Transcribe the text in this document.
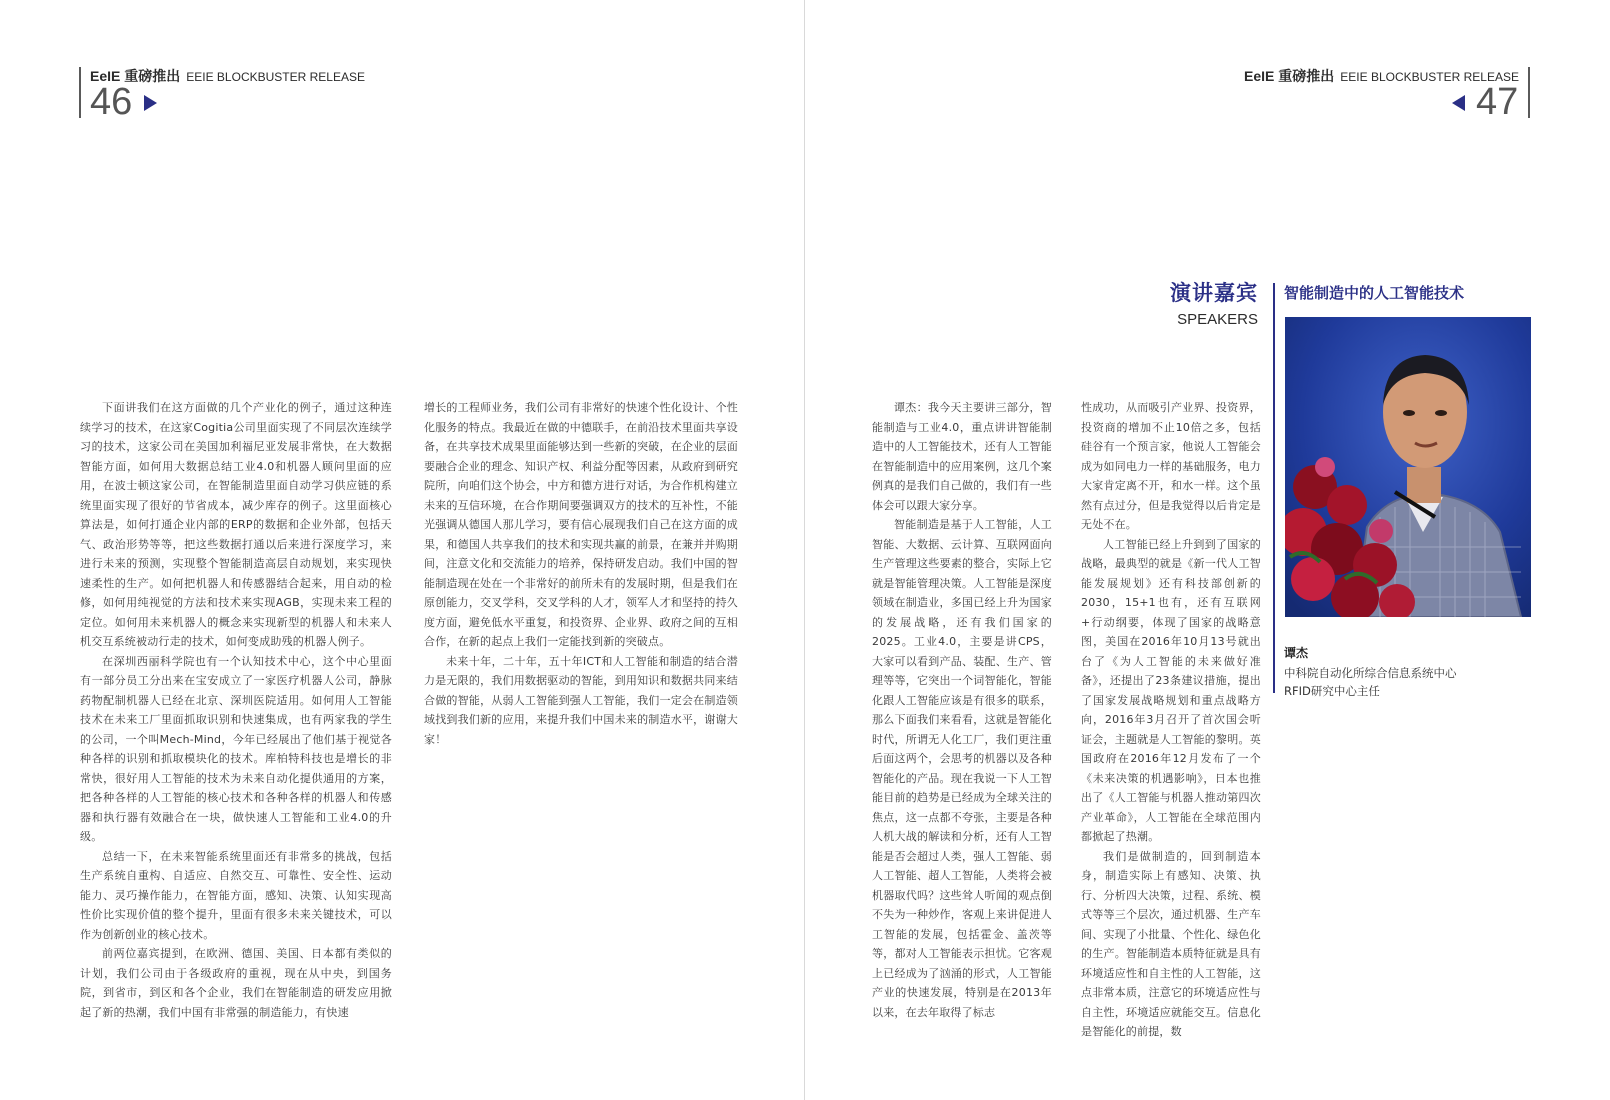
EeIE 重磅推出 EEIE BLOCKBUSTER RELEASE
46
EeIE 重磅推出 EEIE BLOCKBUSTER RELEASE
47

下面讲我们在这方面做的几个产业化的例子，通过这种连续学习的技术，在这家Cogitia公司里面实现了不同层次连续学习的技术，这家公司在美国加利福尼亚发展非常快，在大数据智能方面，如何用大数据总结工业4.0和机器人顾问里面的应用，在波士顿这家公司，在智能制造里面自动学习供应链的系统里面实现了很好的节省成本，减少库存的例子。这里面核心算法是，如何打通企业内部的ERP的数据和企业外部，包括天气、政治形势等等，把这些数据打通以后来进行深度学习，来进行未来的预测，实现整个智能制造高层自动规划，来实现快速柔性的生产。如何把机器人和传感器结合起来，用自动的检修，如何用纯视觉的方法和技术来实现AGB，实现未来工程的定位。如何用未来机器人的概念来实现新型的机器人和未来人机交互系统被动行走的技术，如何变成助残的机器人例子。

在深圳西丽科学院也有一个认知技术中心，这个中心里面有一部分员工分出来在宝安成立了一家医疗机器人公司，静脉药物配制机器人已经在北京、深圳医院适用。如何用人工智能技术在未来工厂里面抓取识别和快速集成，也有两家我的学生的公司，一个叫Mech-Mind，今年已经展出了他们基于视觉各种各样的识别和抓取模块化的技术。库柏特科技也是增长的非常快，很好用人工智能的技术为未来自动化提供通用的方案，把各种各样的人工智能的核心技术和各种各样的机器人和传感器和执行器有效融合在一块，做快速人工智能和工业4.0的升级。

总结一下，在未来智能系统里面还有非常多的挑战，包括生产系统自重构、自适应、自然交互、可靠性、安全性、运动能力、灵巧操作能力，在智能方面，感知、决策、认知实现高性价比实现价值的整个提升，里面有很多未来关键技术，可以作为创新创业的核心技术。

前两位嘉宾提到，在欧洲、德国、美国、日本都有类似的计划，我们公司由于各级政府的重视，现在从中央，到国务院，到省市，到区和各个企业，我们在智能制造的研发应用掀起了新的热潮，我们中国有非常强的制造能力，有快速

增长的工程师业务，我们公司有非常好的快速个性化设计、个性化服务的特点。我最近在做的中德联手，在前沿技术里面共享设备，在共享技术成果里面能够达到一些新的突破，在企业的层面要融合企业的理念、知识产权、利益分配等因素，从政府到研究院所，向咱们这个协会，中方和德方进行对话，为合作机构建立未来的互信环境，在合作期间要强调双方的技术的互补性，不能光强调从德国人那儿学习，要有信心展现我们自己在这方面的成果，和德国人共享我们的技术和实现共赢的前景，在兼并并购期间，注意文化和交流能力的培养，保持研发启动。我们中国的智能制造现在处在一个非常好的前所未有的发展时期，但是我们在原创能力，交叉学科，交叉学科的人才，领军人才和坚持的持久度方面，避免低水平重复，和投资界、企业界、政府之间的互相合作，在新的起点上我们一定能找到新的突破点。

未来十年，二十年，五十年ICT和人工智能和制造的结合潜力是无限的，我们用数据驱动的智能，到用知识和数据共同来结合做的智能，从弱人工智能到强人工智能，我们一定会在制造领域找到我们新的应用，来提升我们中国未来的制造水平，谢谢大家！

演讲嘉宾
SPEAKERS
智能制造中的人工智能技术
谭杰
中科院自动化所综合信息系统中心
RFID研究中心主任

谭杰：我今天主要讲三部分，智能制造与工业4.0，重点讲讲智能制造中的人工智能技术，还有人工智能在智能制造中的应用案例，这几个案例真的是我们自己做的，我们有一些体会可以跟大家分享。

智能制造是基于人工智能，人工智能、大数据、云计算、互联网面向生产管理这些要素的整合，实际上它就是智能管理决策。人工智能是深度领域在制造业，多国已经上升为国家的发展战略，还有我们国家的2025。工业4.0，主要是讲CPS，大家可以看到产品、装配、生产、管理等等，它突出一个词智能化，智能化跟人工智能应该是有很多的联系，那么下面我们来看看，这就是智能化时代，所谓无人化工厂，我们更注重后面这两个，会思考的机器以及各种智能化的产品。现在我说一下人工智能目前的趋势是已经成为全球关注的焦点，这一点都不夸张，主要是各种人机大战的解读和分析，还有人工智能是否会超过人类，强人工智能、弱人工智能、超人工智能，人类将会被机器取代吗？这些耸人听闻的观点倒不失为一种炒作，客观上来讲促进人工智能的发展，包括霍金、盖茨等等，都对人工智能表示担忧。它客观上已经成为了汹涌的形式，人工智能产业的快速发展，特别是在2013年以来，在去年取得了标志

性成功，从而吸引产业界、投资界，投资商的增加不止10倍之多，包括硅谷有一个预言家，他说人工智能会成为如同电力一样的基础服务，电力大家肯定离不开，和水一样。这个虽然有点过分，但是我觉得以后肯定是无处不在。

人工智能已经上升到到了国家的战略，最典型的就是《新一代人工智能发展规划》还有科技部创新的2030，15+1也有，还有互联网+行动纲要，体现了国家的战略意图，美国在2016年10月13号就出台了《为人工智能的未来做好准备》，还提出了23条建议措施，提出了国家发展战略规划和重点战略方向，2016年3月召开了首次国会听证会，主题就是人工智能的黎明。英国政府在2016年12月发布了一个《未来决策的机遇影响》，日本也推出了《人工智能与机器人推动第四次产业革命》，人工智能在全球范围内都掀起了热潮。

我们是做制造的，回到制造本身，制造实际上有感知、决策、执行、分析四大决策，过程、系统、模式等等三个层次，通过机器、生产车间、实现了小批量、个性化、绿色化的生产。智能制造本质特征就是具有环境适应性和自主性的人工智能，这点非常本质，注意它的环境适应性与自主性，环境适应就能交互。信息化是智能化的前提，数
